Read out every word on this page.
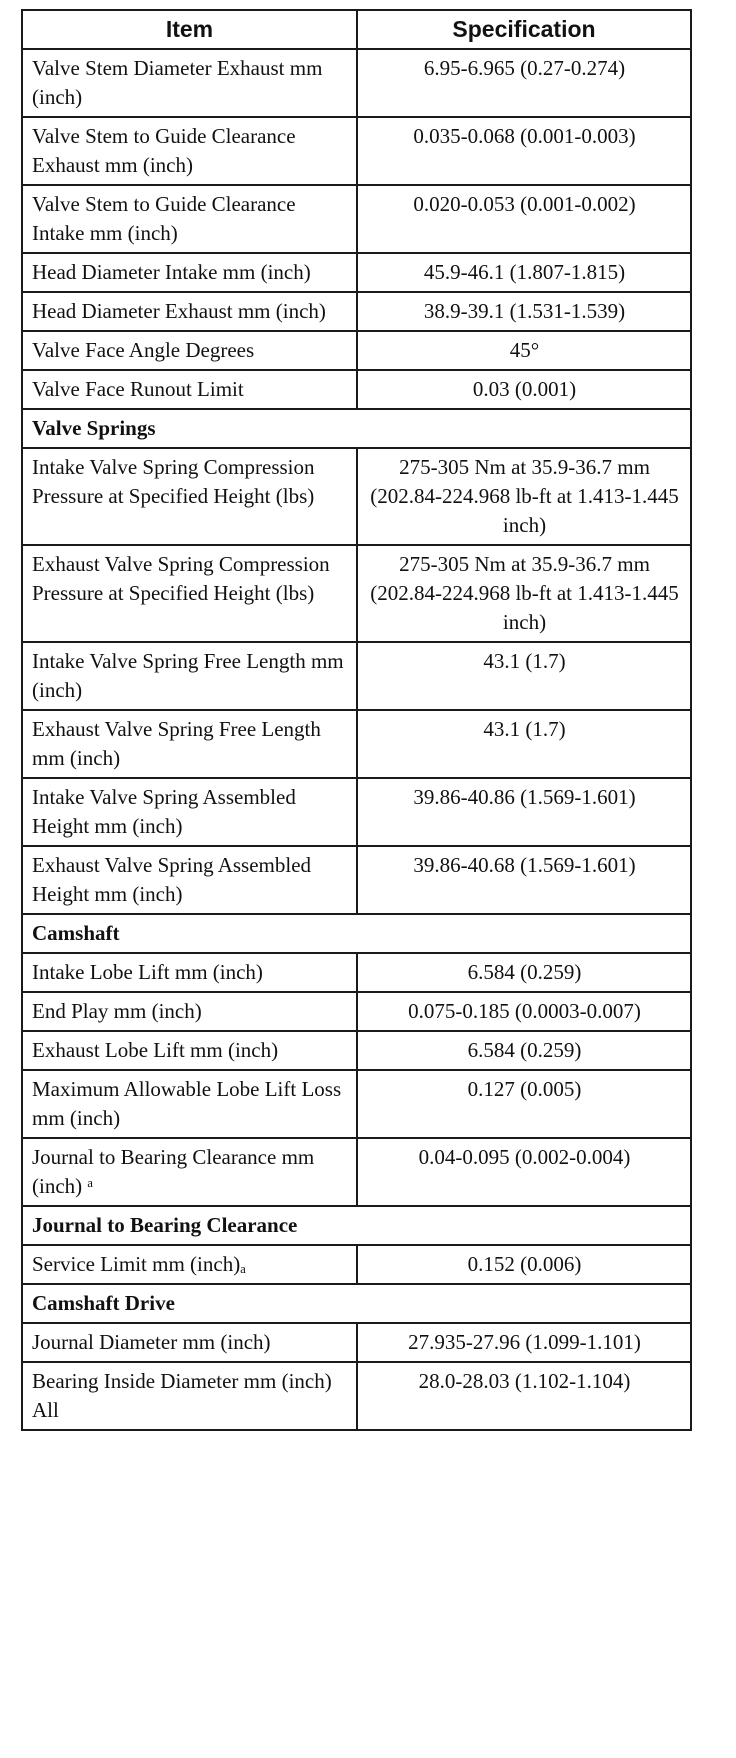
Item	Specification
Valve Stem Diameter Exhaust mm (inch)	6.95-6.965 (0.27-0.274)
Valve Stem to Guide Clearance Exhaust mm (inch)	0.035-0.068 (0.001-0.003)
Valve Stem to Guide Clearance Intake mm (inch)	0.020-0.053 (0.001-0.002)
Head Diameter Intake mm (inch)	45.9-46.1 (1.807-1.815)
Head Diameter Exhaust mm (inch)	38.9-39.1 (1.531-1.539)
Valve Face Angle Degrees	45°
Valve Face Runout Limit	0.03 (0.001)
Valve Springs	
Intake Valve Spring Compression Pressure at Specified Height (lbs)	275-305 Nm at 35.9-36.7 mm (202.84-224.968 lb-ft at 1.413-1.445 inch)
Exhaust Valve Spring Compression Pressure at Specified Height (lbs)	275-305 Nm at 35.9-36.7 mm (202.84-224.968 lb-ft at 1.413-1.445 inch)
Intake Valve Spring Free Length mm (inch)	43.1 (1.7)
Exhaust Valve Spring Free Length mm (inch)	43.1 (1.7)
Intake Valve Spring Assembled Height mm (inch)	39.86-40.86 (1.569-1.601)
Exhaust Valve Spring Assembled Height mm (inch)	39.86-40.68 (1.569-1.601)
Camshaft	
Intake Lobe Lift mm (inch)	6.584 (0.259)
End Play mm (inch)	0.075-0.185 (0.0003-0.007)
Exhaust Lobe Lift mm (inch)	6.584 (0.259)
Maximum Allowable Lobe Lift Loss mm (inch)	0.127 (0.005)
Journal to Bearing Clearance mm (inch) ᵃ	0.04-0.095 (0.002-0.004)
Journal to Bearing Clearance	
Service Limit mm (inch)ₐ	0.152 (0.006)
Camshaft Drive	
Journal Diameter mm (inch)	27.935-27.96 (1.099-1.101)
Bearing Inside Diameter mm (inch) All	28.0-28.03 (1.102-1.104)
